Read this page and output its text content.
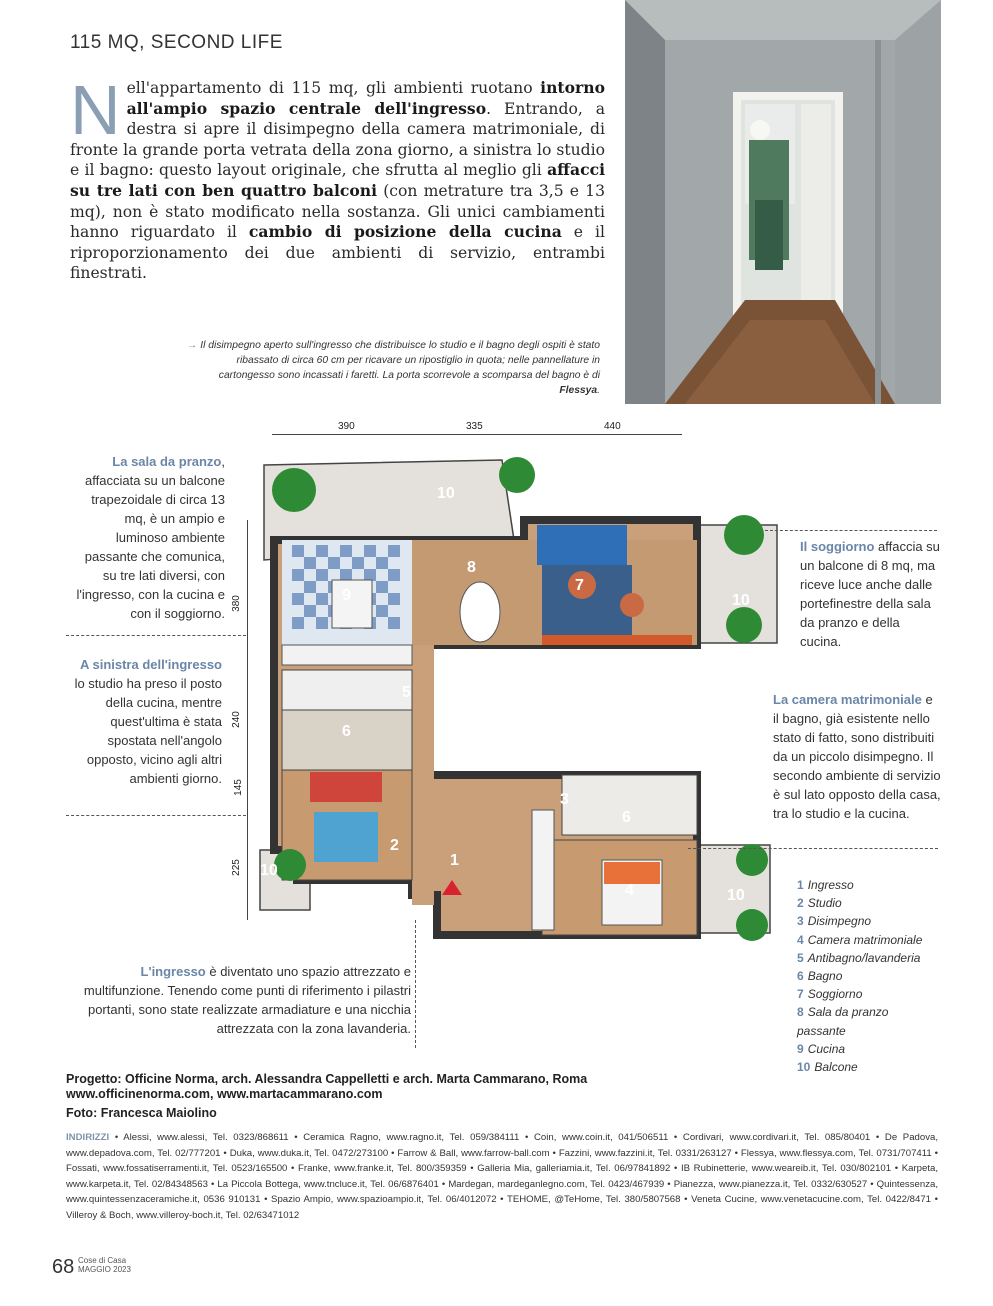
115 MQ, SECOND LIFE
Nell'appartamento di 115 mq, gli ambienti ruotano intorno all'ampio spazio centrale dell'ingresso. Entrando, a destra si apre il disimpegno della camera matrimoniale, di fronte la grande porta vetrata della zona giorno, a sinistra lo studio e il bagno: questo layout originale, che sfrutta al meglio gli affacci su tre lati con ben quattro balconi (con metrature tra 3,5 e 13 mq), non è stato modificato nella sostanza. Gli unici cambiamenti hanno riguardato il cambio di posizione della cucina e il riproporzionamento dei due ambienti di servizio, entrambi finestrati.
→ Il disimpegno aperto sull'ingresso che distribuisce lo studio e il bagno degli ospiti è stato ribassato di circa 60 cm per ricavare un ripostiglio in quota; nelle pannellature in cartongesso sono incassati i faretti. La porta scorrevole a scomparsa del bagno è di Flessya.
390	335	440
380
240
145
225
10
8
9
7
10
3
6
5
3
6
2
1
4
10
10
La sala da pranzo, affacciata su un balcone trapezoidale di circa 13 mq, è un ampio e luminoso ambiente passante che comunica, su tre lati diversi, con l'ingresso, con la cucina e con il soggiorno.
A sinistra dell'ingresso lo studio ha preso il posto della cucina, mentre quest'ultima è stata spostata nell'angolo opposto, vicino agli altri ambienti giorno.
Il soggiorno affaccia su un balcone di 8 mq, ma riceve luce anche dalle portefinestre della sala da pranzo e della cucina.
La camera matrimoniale e il bagno, già esistente nello stato di fatto, sono distribuiti da un piccolo disimpegno. Il secondo ambiente di servizio è sul lato opposto della casa, tra lo studio e la cucina.
L'ingresso è diventato uno spazio attrezzato e multifunzione. Tenendo come punti di riferimento i pilastri portanti, sono state realizzate armadiature e una nicchia attrezzata con la zona lavanderia.
1 Ingresso
2 Studio
3 Disimpegno
4 Camera matrimoniale
5 Antibagno/lavanderia
6 Bagno
7 Soggiorno
8 Sala da pranzo passante
9 Cucina
10 Balcone
Progetto: Officine Norma, arch. Alessandra Cappelletti e arch. Marta Cammarano, Roma
www.officinenorma.com, www.martacammarano.com
Foto: Francesca Maiolino
INDIRIZZI • Alessi, www.alessi, Tel. 0323/868611 • Ceramica Ragno, www.ragno.it, Tel. 059/384111 • Coin, www.coin.it, 041/506511 • Cordivari, www.cordivari.it, Tel. 085/80401 • De Padova, www.depadova.com, Tel. 02/777201 • Duka, www.duka.it, Tel. 0472/273100 • Farrow & Ball, www.farrow-ball.com • Fazzini, www.fazzini.it, Tel. 0331/263127 • Flessya, www.flessya.com, Tel. 0731/707411 • Fossati, www.fossatiserramenti.it, Tel. 0523/165500 • Franke, www.franke.it, Tel. 800/359359 • Galleria Mia, galleriamia.it, Tel. 06/97841892 • IB Rubinetterie, www.weareib.it, Tel. 030/802101 • Karpeta, www.karpeta.it, Tel. 02/84348563 • La Piccola Bottega, www.tncluce.it, Tel. 06/6876401 • Mardegan, mardeganlegno.com, Tel. 0423/467939 • Pianezza, www.pianezza.it, Tel. 0332/630527 • Quintessenza, www.quintessenzaceramiche.it, 0536 910131 • Spazio Ampio, www.spazioampio.it, Tel. 06/4012072 • TEHOME, @TeHome, Tel. 380/5807568 • Veneta Cucine, www.venetacucine.com, Tel. 0422/8471 • Villeroy & Boch, www.villeroy-boch.it, Tel. 02/63471012
68 Cose di Casa
MAGGIO 2023
